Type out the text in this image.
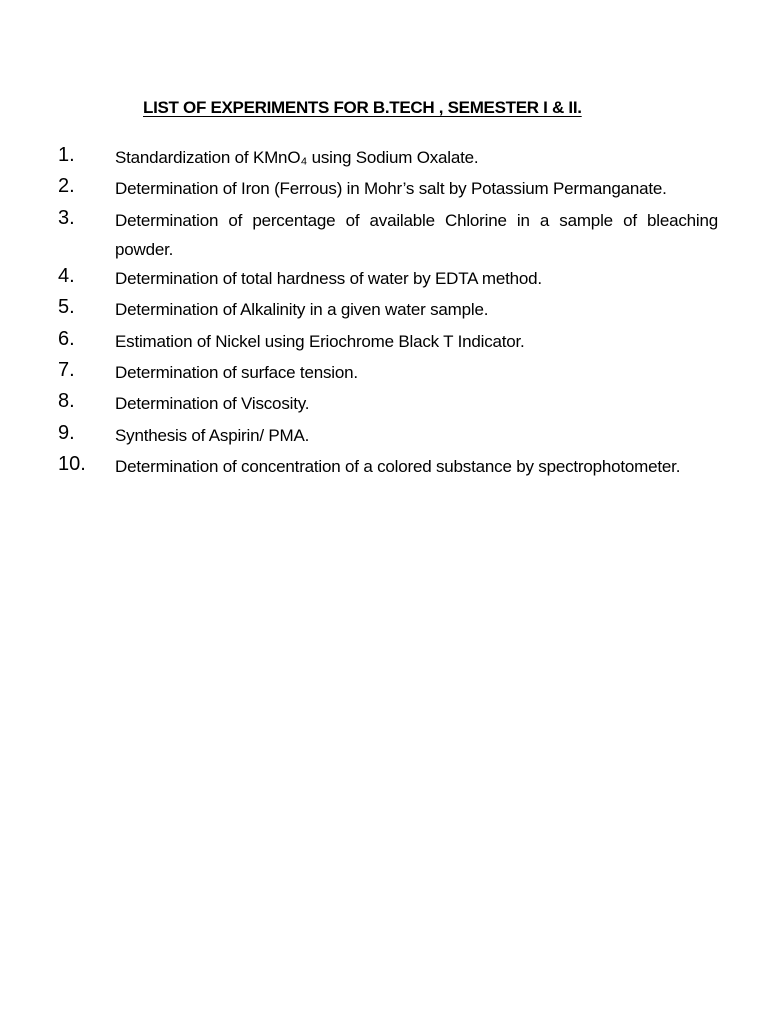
LIST OF EXPERIMENTS FOR B.TECH , SEMESTER I & II.
1.	Standardization of KMnO₄ using Sodium Oxalate.
2.	Determination of Iron (Ferrous) in Mohr’s salt by Potassium Permanganate.
3.	Determination of percentage of available Chlorine in a sample of bleaching powder.
4.	Determination of total hardness of water by EDTA method.
5.	Determination of Alkalinity in a given water sample.
6.	Estimation of Nickel using Eriochrome Black T Indicator.
7.	Determination of surface tension.
8.	Determination of Viscosity.
9.	Synthesis of Aspirin/ PMA.
10.	Determination of concentration of a colored substance by spectrophotometer.
